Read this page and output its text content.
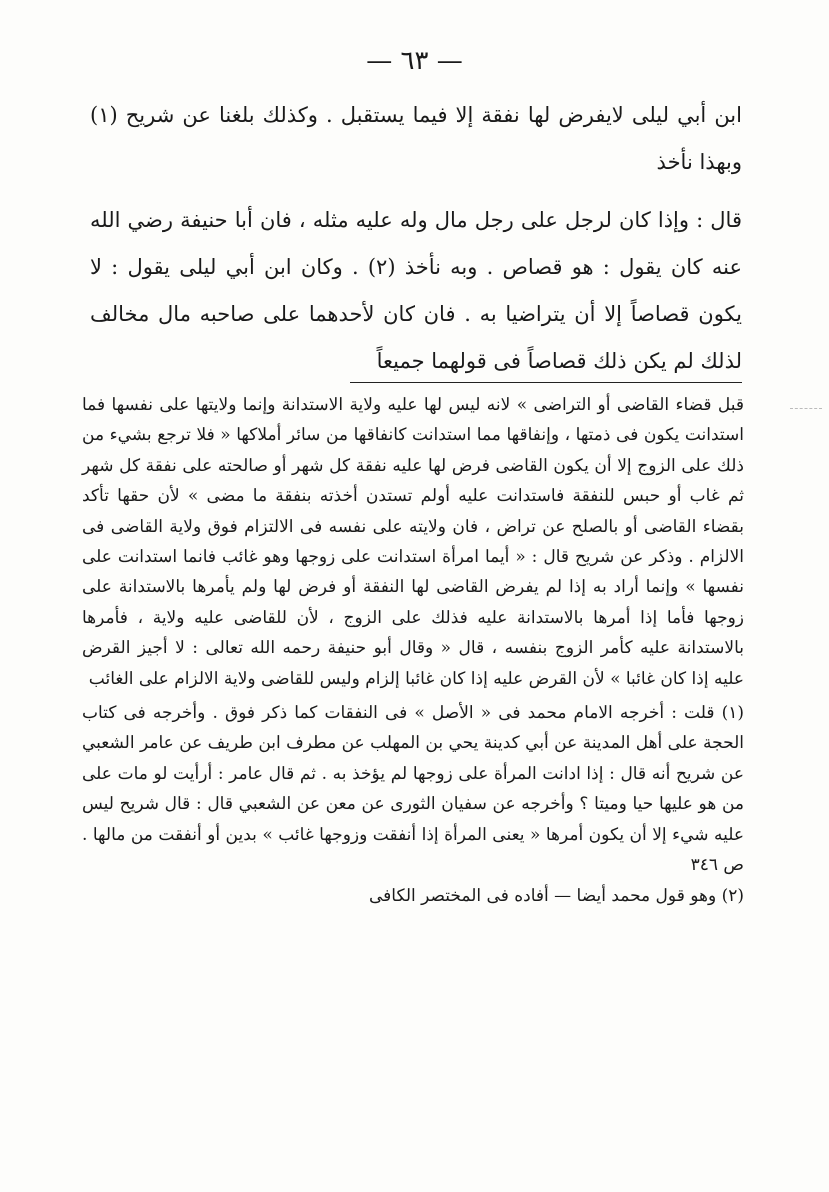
— ٦٣ —

ابن أبي ليلى لايفرض لها نفقة إلا فيما يستقبل . وكذلك بلغنا عن شريح (١) وبهذا نأخذ

قال : وإذا كان لرجل على رجل مال وله عليه مثله ، فان أبا حنيفة رضي الله عنه كان يقول : هو قصاص . وبه نأخذ (٢) . وكان ابن أبي ليلى يقول : لا يكون قصاصاً إلا أن يتراضيا به . فان كان لأحدهما على صاحبه مال مخالف لذلك لم يكن ذلك قصاصاً فى قولهما جميعاً

قبل قضاء القاضى أو التراضى » لانه ليس لها عليه ولاية الاستدانة وإنما ولايتها على نفسها فما استدانت يكون فى ذمتها ، وإنفاقها مما استدانت كانفاقها من سائر أملاكها « فلا ترجع بشيء من ذلك على الزوج إلا أن يكون القاضى فرض لها عليه نفقة كل شهر أو صالحته على نفقة كل شهر ثم غاب أو حبس للنفقة فاستدانت عليه أولم تستدن أخذته بنفقة ما مضى » لأن حقها تأكد بقضاء القاضى أو بالصلح عن تراض ، فان ولايته على نفسه فى الالتزام فوق ولاية القاضى فى الالزام . وذكر عن شريح قال : « أيما امرأة استدانت على زوجها وهو غائب فانما استدانت على نفسها » وإنما أراد به إذا لم يفرض القاضى لها النفقة أو فرض لها ولم يأمرها بالاستدانة على زوجها فأما إذا أمرها بالاستدانة عليه فذلك على الزوج ، لأن للقاضى عليه ولاية ، فأمرها بالاستدانة عليه كأمر الزوج بنفسه ، قال « وقال أبو حنيفة رحمه الله تعالى : لا أجيز القرض عليه إذا كان غائبا » لأن القرض عليه إذا كان غائبا إلزام وليس للقاضى ولاية الالزام على الغائب

(١) قلت : أخرجه الامام محمد فى « الأصل » فى النفقات كما ذكر فوق . وأخرجه فى كتاب الحجة على أهل المدينة عن أبي كدينة يحي بن المهلب عن مطرف ابن طريف عن عامر الشعبي عن شريح أنه قال : إذا ادانت المرأة على زوجها لم يؤخذ به . ثم قال عامر : أرأيت لو مات على من هو عليها حيا وميتا ؟ وأخرجه عن سفيان الثورى عن معن عن الشعبي قال : قال شريح ليس عليه شيء إلا أن يكون أمرها « يعنى المرأة إذا أنفقت وزوجها غائب » بدين أو أنفقت من مالها . ص ٣٤٦

(٢) وهو قول محمد أيضا — أفاده فى المختصر الكافى
